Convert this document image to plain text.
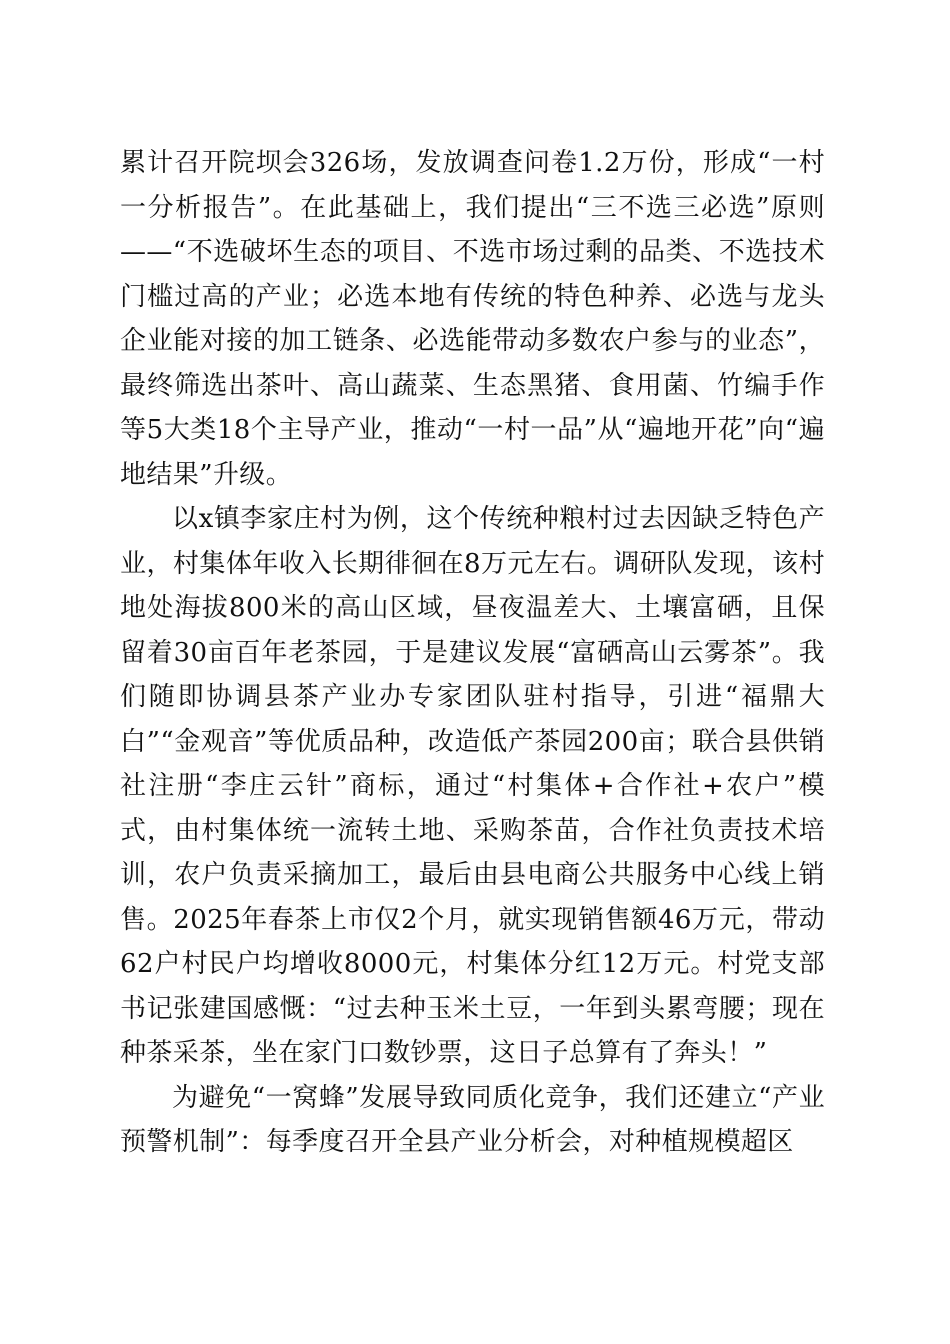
累计召开院坝会326场，发放调查问卷1.2万份，形成“一村一分析报告”。在此基础上，我们提出“三不选三必选”原则——“不选破坏生态的项目、不选市场过剩的品类、不选技术门槛过高的产业；必选本地有传统的特色种养、必选与龙头企业能对接的加工链条、必选能带动多数农户参与的业态”，最终筛选出茶叶、高山蔬菜、生态黑猪、食用菌、竹编手作等5大类18个主导产业，推动“一村一品”从“遍地开花”向“遍地结果”升级。

以x镇李家庄村为例，这个传统种粮村过去因缺乏特色产业，村集体年收入长期徘徊在8万元左右。调研队发现，该村地处海拔800米的高山区域，昼夜温差大、土壤富硒，且保留着30亩百年老茶园，于是建议发展“富硒高山云雾茶”。我们随即协调县茶产业办专家团队驻村指导，引进“福鼎大白”“金观音”等优质品种，改造低产茶园200亩；联合县供销社注册“李庄云针”商标，通过“村集体+合作社+农户”模式，由村集体统一流转土地、采购茶苗，合作社负责技术培训，农户负责采摘加工，最后由县电商公共服务中心线上销售。2025年春茶上市仅2个月，就实现销售额46万元，带动62户村民户均增收8000元，村集体分红12万元。村党支部书记张建国感慨：“过去种玉米土豆，一年到头累弯腰；现在种茶采茶，坐在家门口数钞票，这日子总算有了奔头！”

为避免“一窝蜂”发展导致同质化竞争，我们还建立“产业预警机制”：每季度召开全县产业分析会，对种植规模超区
